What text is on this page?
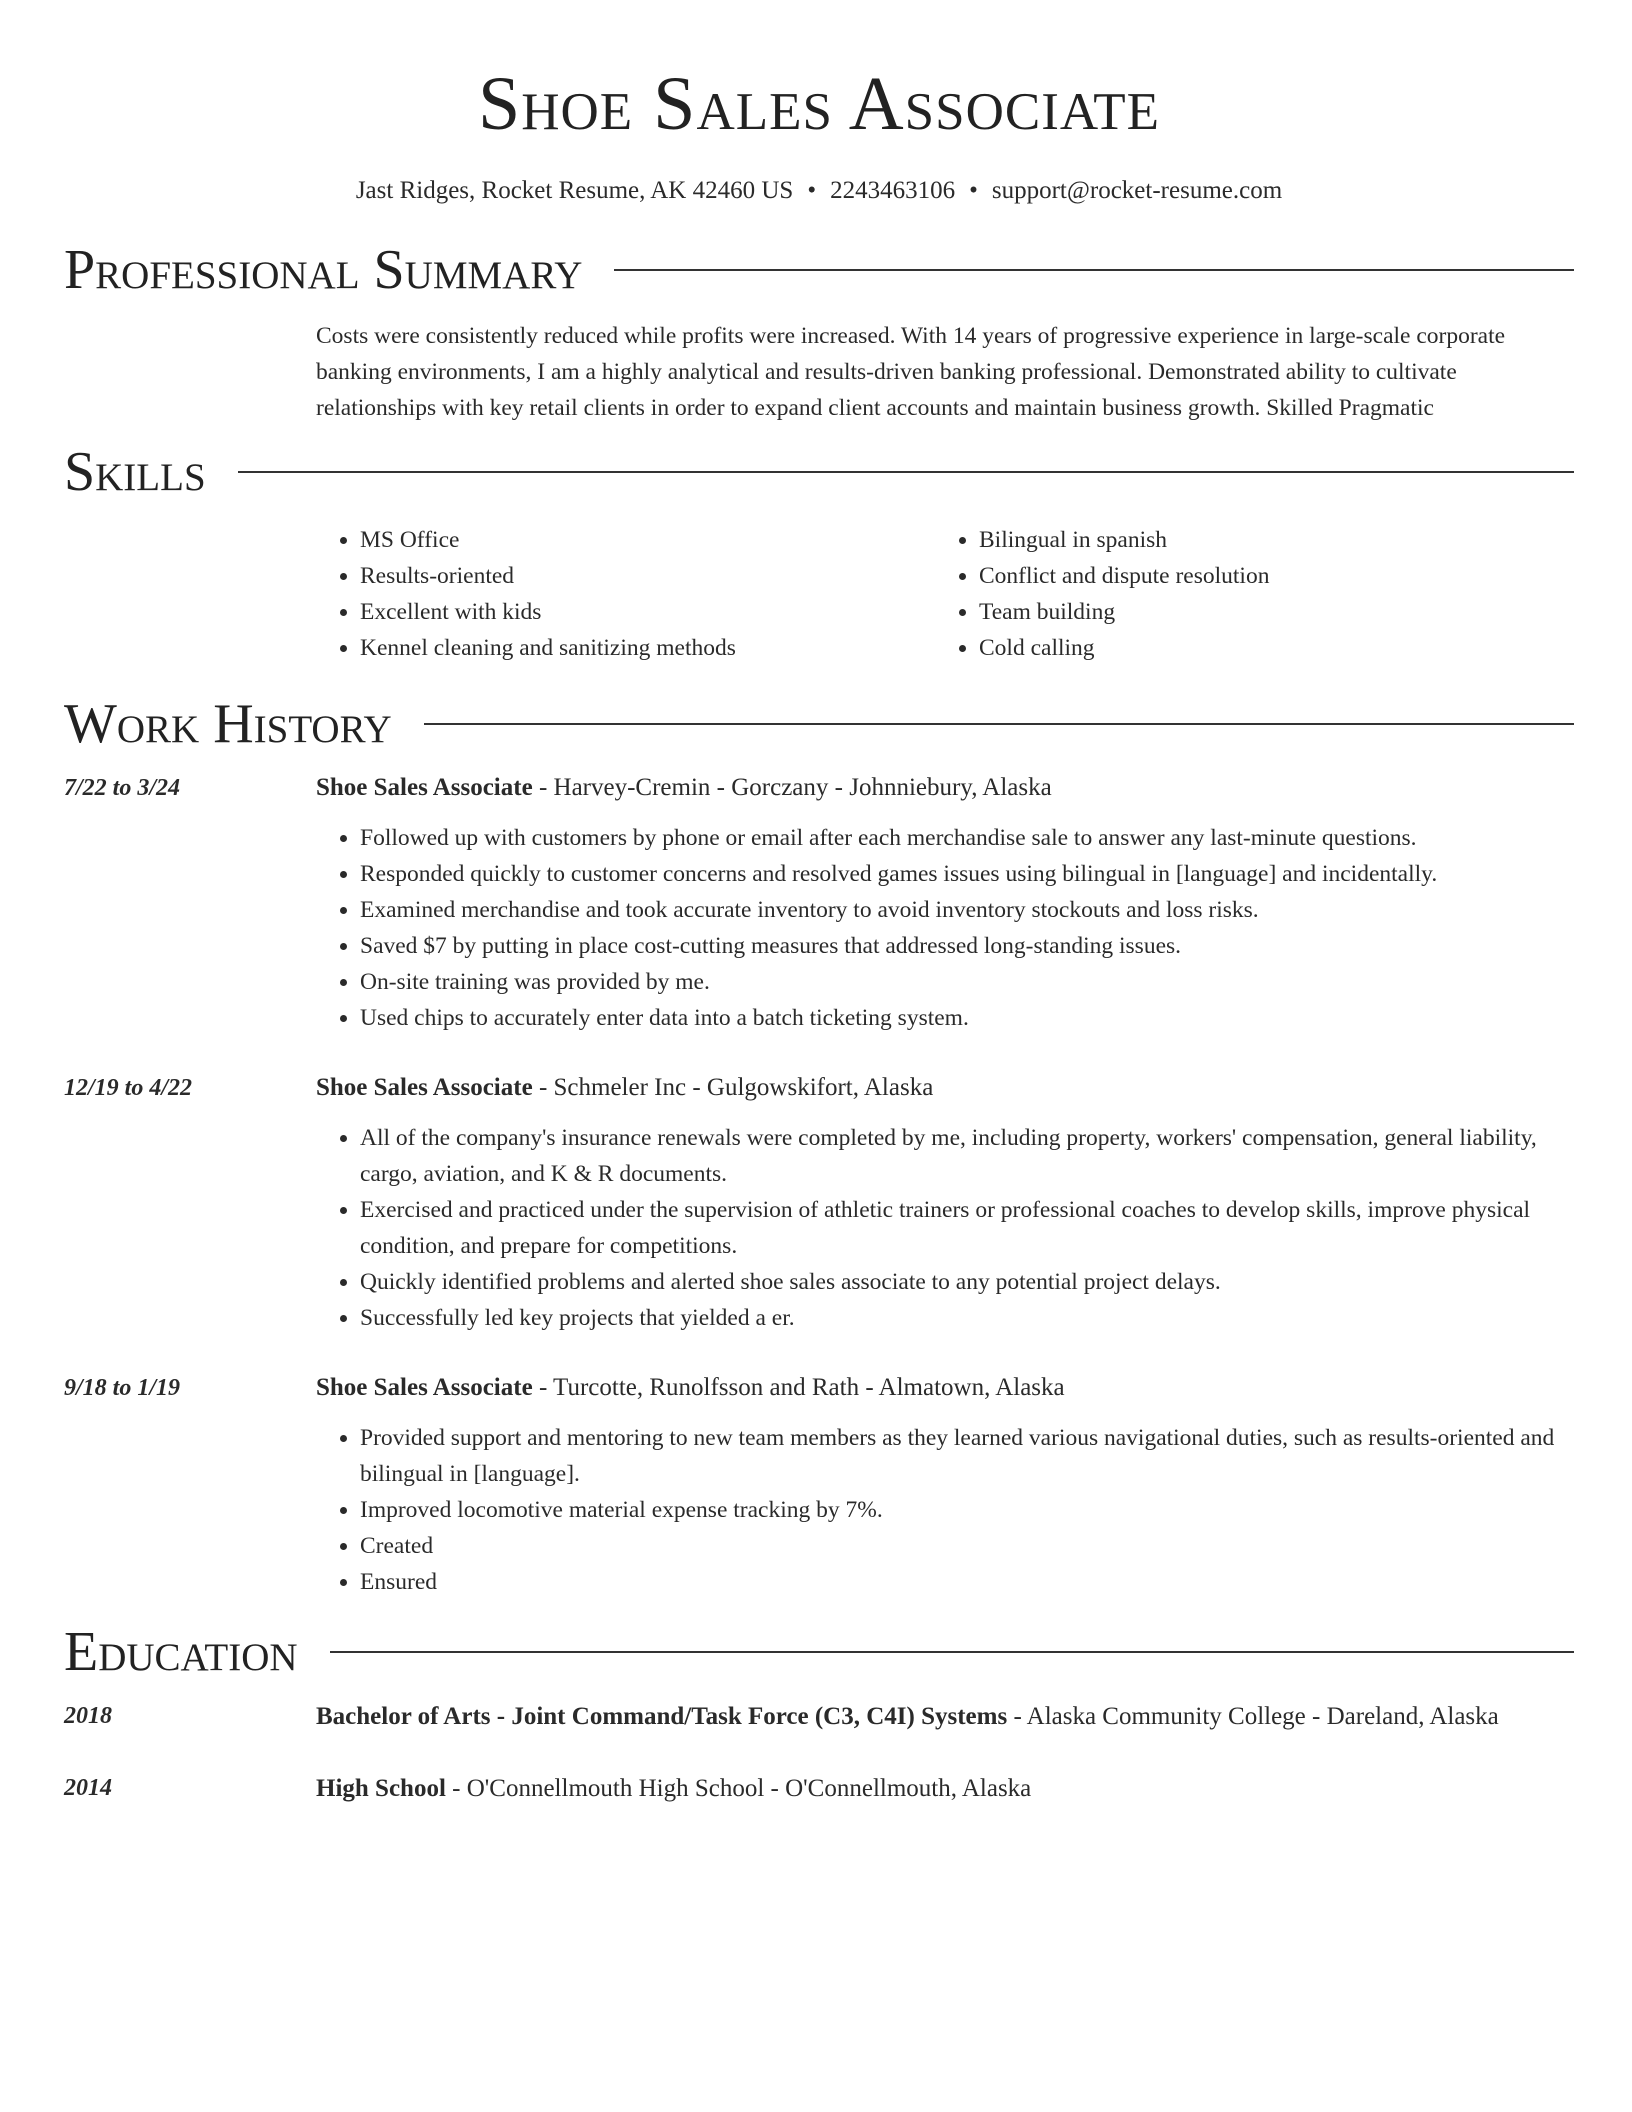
Shoe Sales Associate
Jast Ridges, Rocket Resume, AK 42460 US • 2243463106 • support@rocket-resume.com
Professional Summary

Costs were consistently reduced while profits were increased. With 14 years of progressive experience in large-scale corporate banking environments, I am a highly analytical and results-driven banking professional. Demonstrated ability to cultivate relationships with key retail clients in order to expand client accounts and maintain business growth. Skilled Pragmatic

Skills
• MS Office
• Results-oriented
• Excellent with kids
• Kennel cleaning and sanitizing methods
• Bilingual in spanish
• Conflict and dispute resolution
• Team building
• Cold calling
Work History
7/22 to 3/24	Shoe Sales Associate - Harvey-Cremin - Gorczany - Johnniebury, Alaska
• Followed up with customers by phone or email after each merchandise sale to answer any last-minute questions.
• Responded quickly to customer concerns and resolved games issues using bilingual in [language] and incidentally.
• Examined merchandise and took accurate inventory to avoid inventory stockouts and loss risks.
• Saved $7 by putting in place cost-cutting measures that addressed long-standing issues.
• On-site training was provided by me.
• Used chips to accurately enter data into a batch ticketing system.
12/19 to 4/22	Shoe Sales Associate - Schmeler Inc - Gulgowskifort, Alaska
• All of the company's insurance renewals were completed by me, including property, workers' compensation, general liability, cargo, aviation, and K & R documents.
• Exercised and practiced under the supervision of athletic trainers or professional coaches to develop skills, improve physical condition, and prepare for competitions.
• Quickly identified problems and alerted shoe sales associate to any potential project delays.
• Successfully led key projects that yielded a er.
9/18 to 1/19	Shoe Sales Associate - Turcotte, Runolfsson and Rath - Almatown, Alaska
• Provided support and mentoring to new team members as they learned various navigational duties, such as results-oriented and bilingual in [language].
• Improved locomotive material expense tracking by 7%.
• Created
• Ensured
Education
2018	Bachelor of Arts - Joint Command/Task Force (C3, C4I) Systems - Alaska Community College - Dareland, Alaska
2014	High School - O'Connellmouth High School - O'Connellmouth, Alaska
